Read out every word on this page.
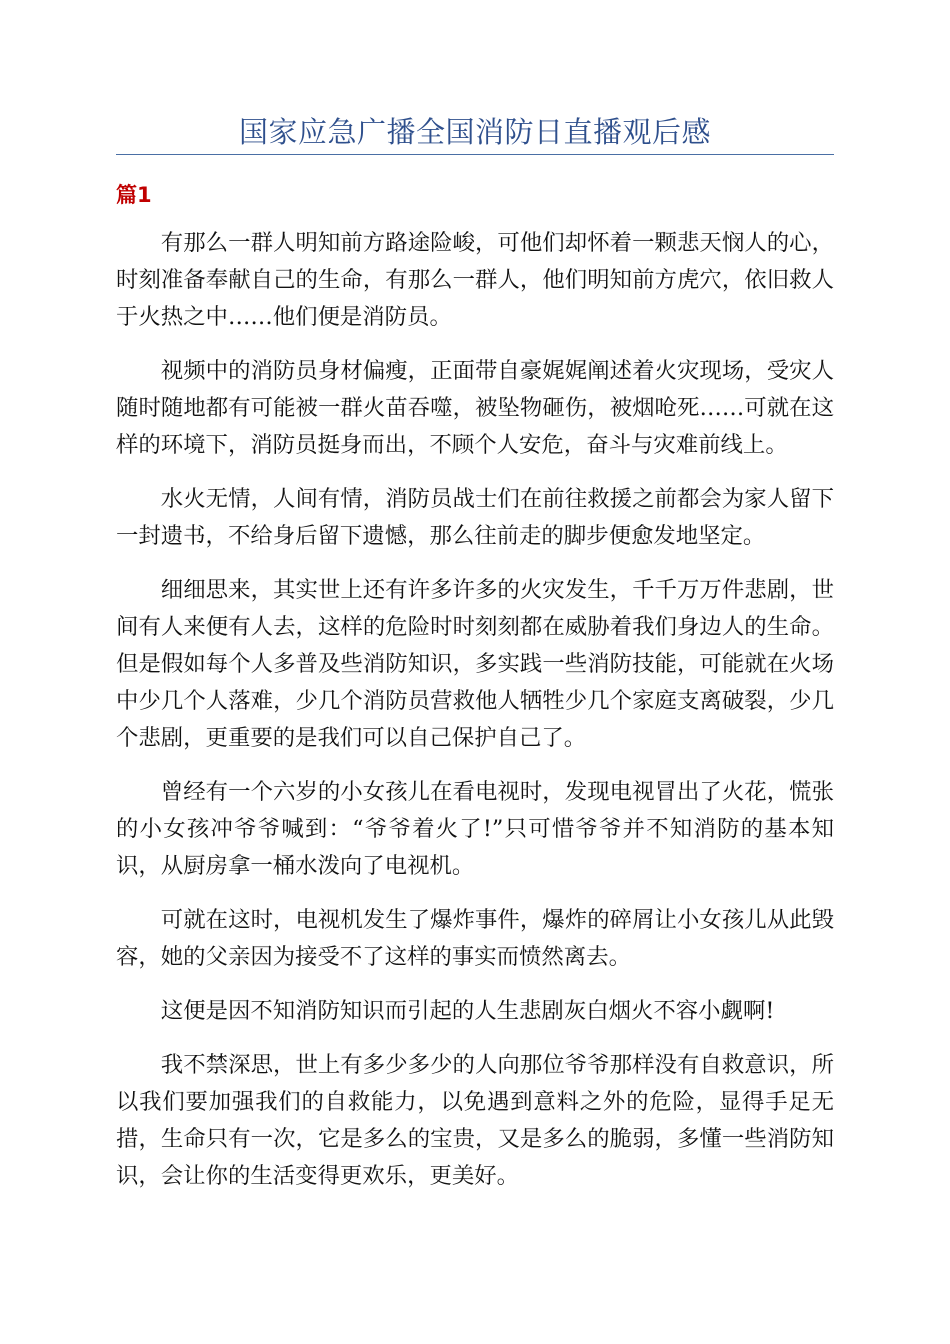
国家应急广播全国消防日直播观后感
篇1

有那么一群人明知前方路途险峻，可他们却怀着一颗悲天悯人的心，时刻准备奉献自己的生命，有那么一群人，他们明知前方虎穴，依旧救人于火热之中……他们便是消防员。

视频中的消防员身材偏瘦，正面带自豪娓娓阐述着火灾现场，受灾人随时随地都有可能被一群火苗吞噬，被坠物砸伤，被烟呛死……可就在这样的环境下，消防员挺身而出，不顾个人安危，奋斗与灾难前线上。

水火无情，人间有情，消防员战士们在前往救援之前都会为家人留下一封遗书，不给身后留下遗憾，那么往前走的脚步便愈发地坚定。

细细思来，其实世上还有许多许多的火灾发生，千千万万件悲剧，世间有人来便有人去，这样的危险时时刻刻都在威胁着我们身边人的生命。但是假如每个人多普及些消防知识，多实践一些消防技能，可能就在火场中少几个人落难，少几个消防员营救他人牺牲少几个家庭支离破裂，少几个悲剧，更重要的是我们可以自己保护自己了。

曾经有一个六岁的小女孩儿在看电视时，发现电视冒出了火花，慌张的小女孩冲爷爷喊到：“爷爷着火了!”只可惜爷爷并不知消防的基本知识，从厨房拿一桶水泼向了电视机。

可就在这时，电视机发生了爆炸事件，爆炸的碎屑让小女孩儿从此毁容，她的父亲因为接受不了这样的事实而愤然离去。

这便是因不知消防知识而引起的人生悲剧灰白烟火不容小觑啊!

我不禁深思，世上有多少多少的人向那位爷爷那样没有自救意识，所以我们要加强我们的自救能力，以免遇到意料之外的危险，显得手足无措，生命只有一次，它是多么的宝贵，又是多么的脆弱，多懂一些消防知识，会让你的生活变得更欢乐，更美好。
